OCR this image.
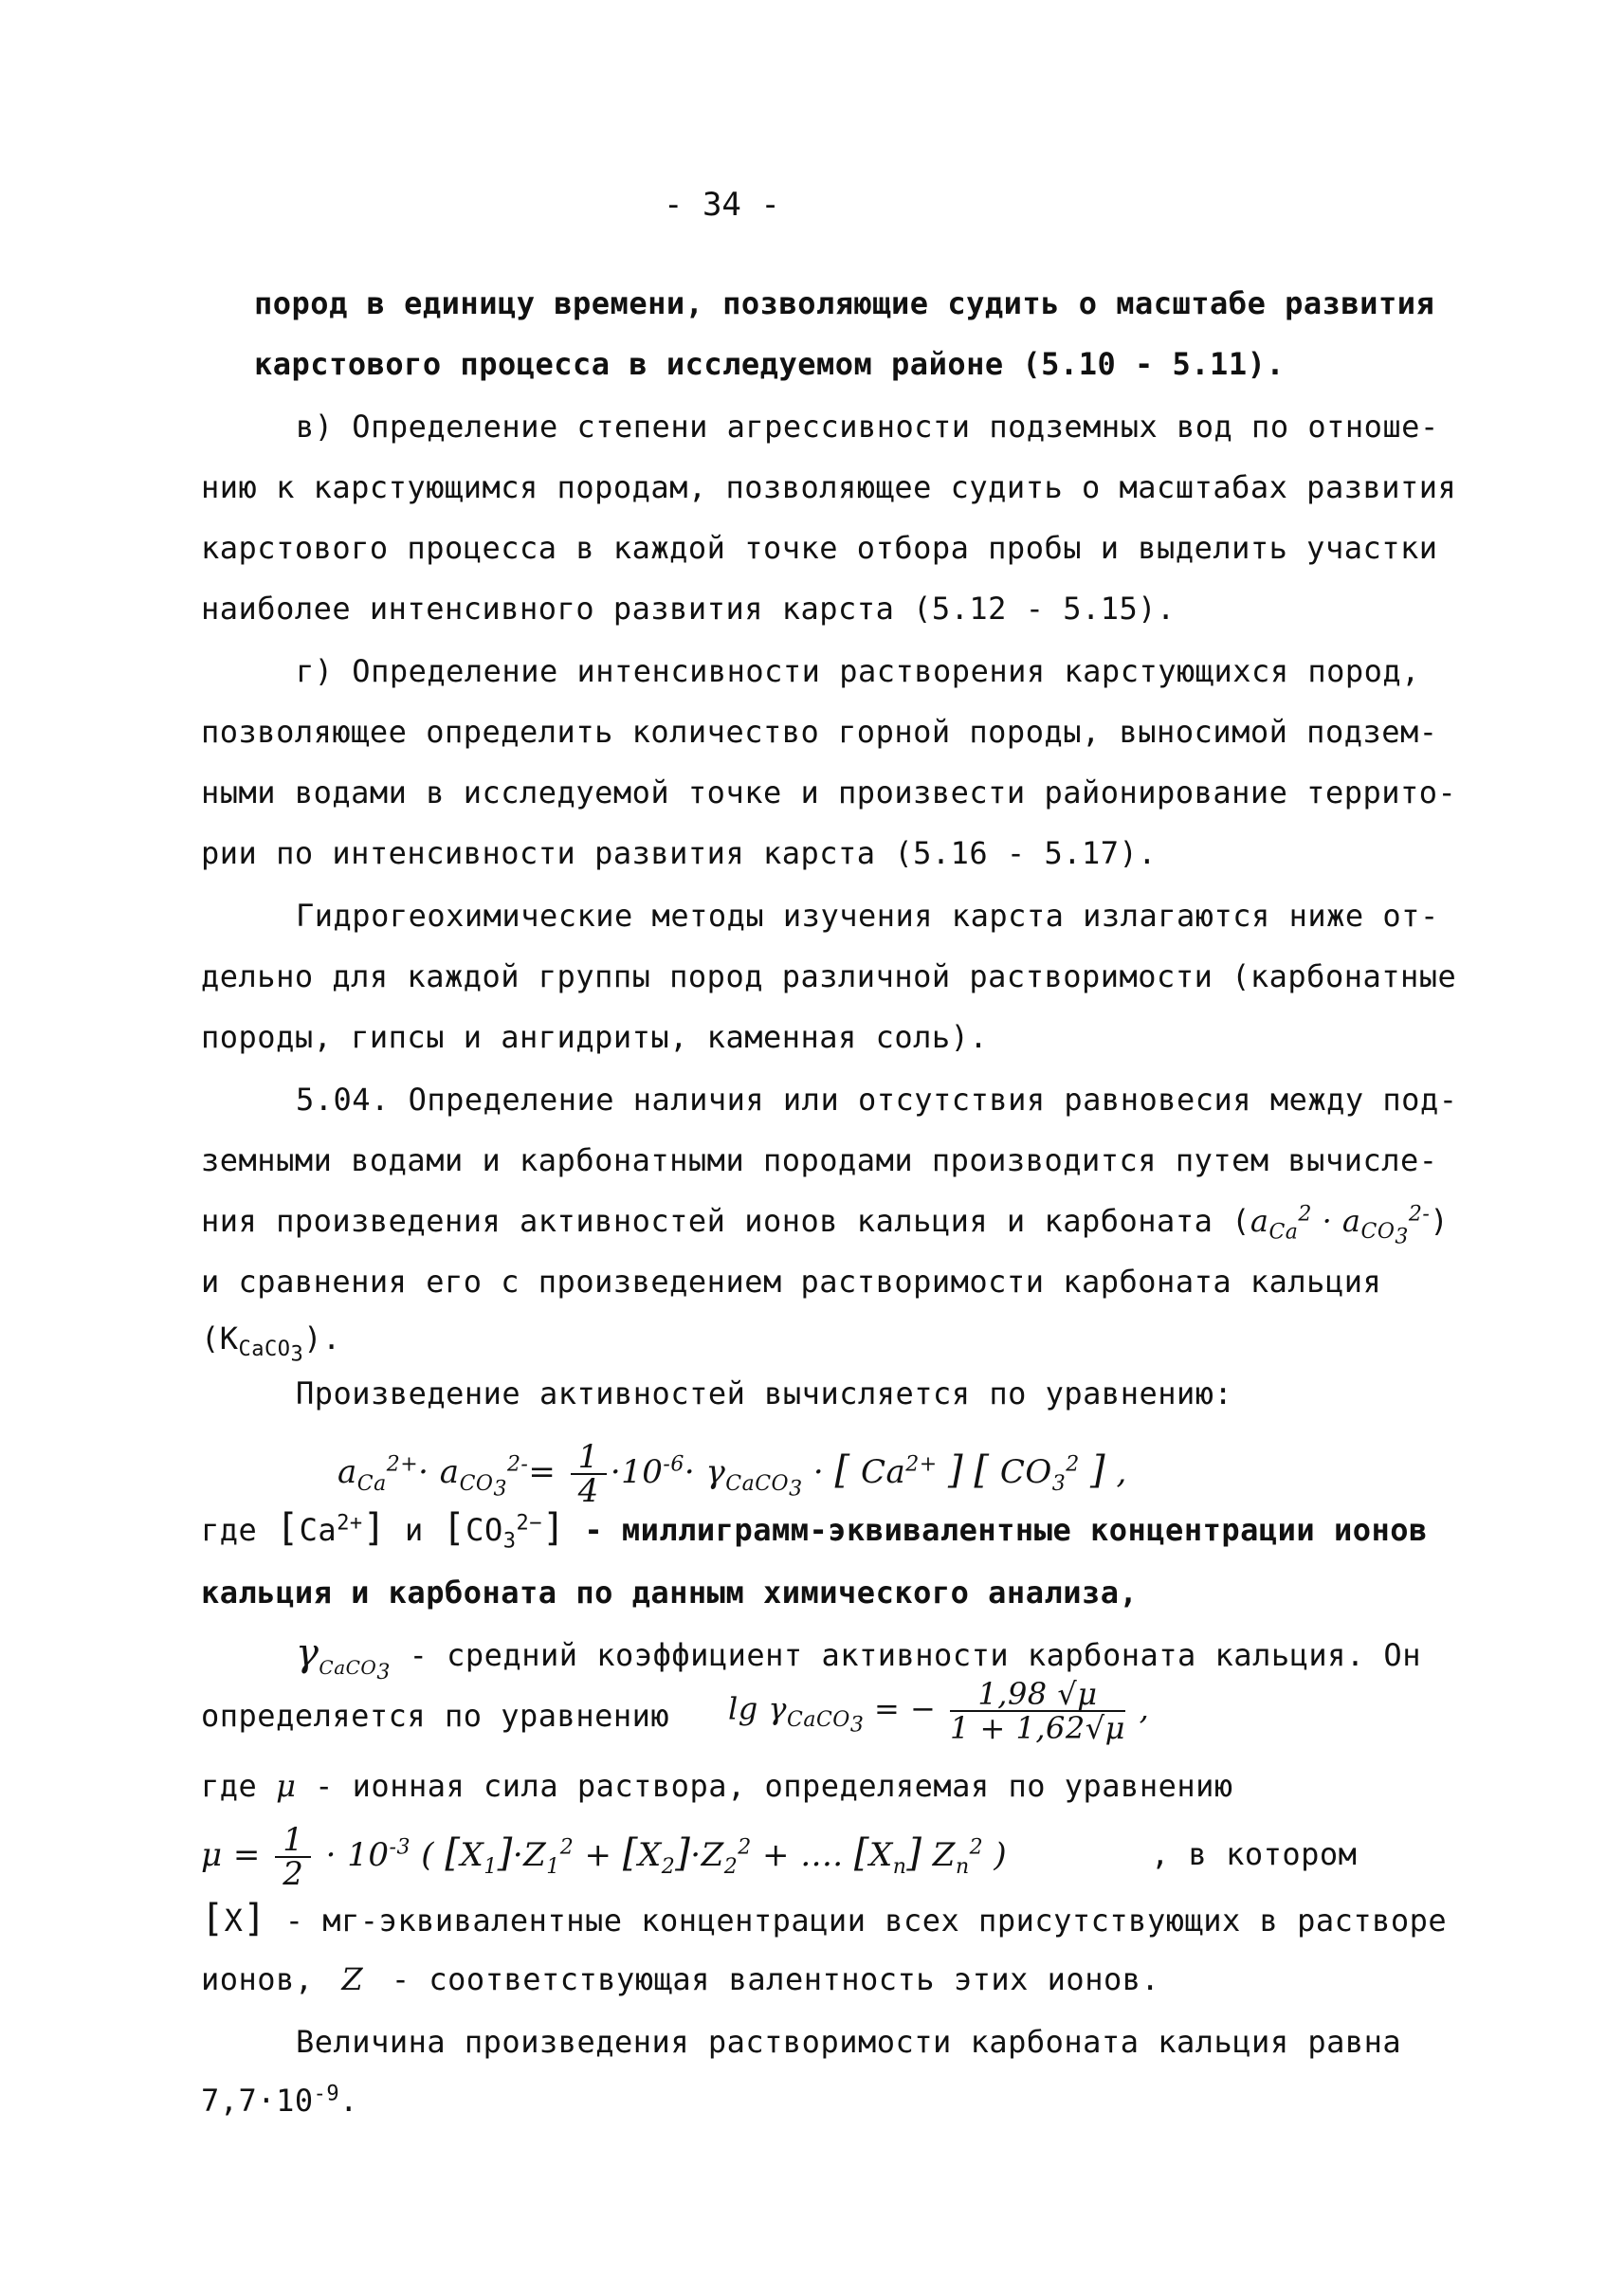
- 34 -
пород в единицу времени, позволяющие судить о масштабе развития
карстового процесса в исследуемом районе (5.10 - 5.11).
в) Определение степени агрессивности подземных вод по отноше-
нию к карстующимся породам, позволяющее судить о масштабах развития
карстового процесса в каждой точке отбора пробы и выделить участки
наиболее интенсивного развития карста (5.12 - 5.15).
г) Определение интенсивности растворения карстующихся пород,
позволяющее определить количество горной породы, выносимой подзем-
ными водами в исследуемой точке и произвести районирование террито-
рии по интенсивности развития карста (5.16 - 5.17).
Гидрогеохимические методы изучения карста излагаются ниже от-
дельно для каждой группы пород различной растворимости (карбонатные
породы, гипсы и ангидриты, каменная соль).
5.04. Определение наличия или отсутствия равновесия между под-
земными водами и карбонатными породами производится путем вычисле-
ния произведения активностей ионов кальция и карбоната $(a_{Ca}^2 \cdot a_{CO_3}^{2-})$
и сравнения его с произведением растворимости карбоната кальция
$(K_{CaCO_3})$.
Произведение активностей вычисляется по уравнению:
$a_{Ca}^{2+}\cdot a_{CO_3}^{2-}= \frac{1}{4} \cdot 10^{-6}\cdot \gamma_{CaCO_3}$ · [ $Ca^{2+}$ ] [ $CO_3^2$ ] ,
где $[Ca^{2+}]$ и $[CO_3^{2-}]$ - миллиграмм-эквивалентные концентрации ионов
кальция и карбоната по данным химического анализа,
$\gamma_{CaCO_3}$ - средний коэффициент активности карбоната кальция. Он
определяется по уравнению $\lg \gamma_{CaCO_3}$ = − $\frac{1,98 √\mu}{1 + 1,62√\mu}$ ,
где μ - ионная сила раствора, определяемая по уравнению
$\mu = \frac{1}{2} \cdot 10^{-3}$ ( $[X_1]\cdot Z_1^2 + [X_2]\cdot Z_2^2$ + .... $[X_n]$ $Z_n^2$ )	, в котором
[X] - мг-эквивалентные концентрации всех присутствующих в растворе
ионов, Z - соответствующая валентность этих ионов.
Величина произведения растворимости карбоната кальция равна
$7,7\cdot 10^{-9}$.
